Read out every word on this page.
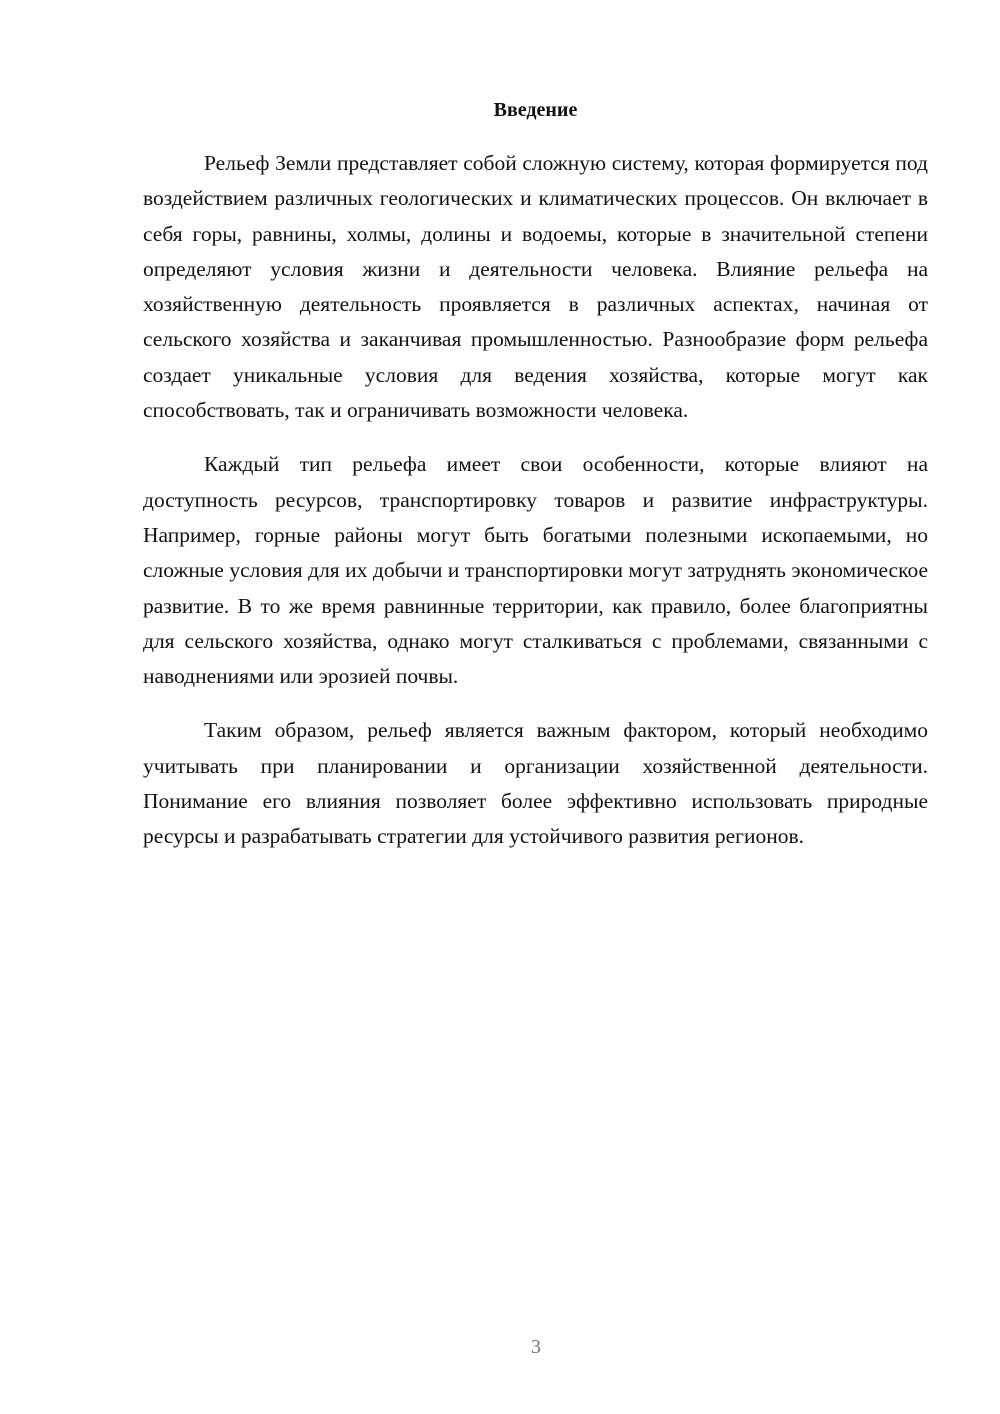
Введение

Рельеф Земли представляет собой сложную систему, которая формируется под воздействием различных геологических и климатических процессов. Он включает в себя горы, равнины, холмы, долины и водоемы, которые в значительной степени определяют условия жизни и деятельности человека. Влияние рельефа на хозяйственную деятельность проявляется в различных аспектах, начиная от сельского хозяйства и заканчивая промышленностью. Разнообразие форм рельефа создает уникальные условия для ведения хозяйства, которые могут как способствовать, так и ограничивать возможности человека.

Каждый тип рельефа имеет свои особенности, которые влияют на доступность ресурсов, транспортировку товаров и развитие инфраструктуры. Например, горные районы могут быть богатыми полезными ископаемыми, но сложные условия для их добычи и транспортировки могут затруднять экономическое развитие. В то же время равнинные территории, как правило, более благоприятны для сельского хозяйства, однако могут сталкиваться с проблемами, связанными с наводнениями или эрозией почвы.

Таким образом, рельеф является важным фактором, который необходимо учитывать при планировании и организации хозяйственной деятельности. Понимание его влияния позволяет более эффективно использовать природные ресурсы и разрабатывать стратегии для устойчивого развития регионов.

3
